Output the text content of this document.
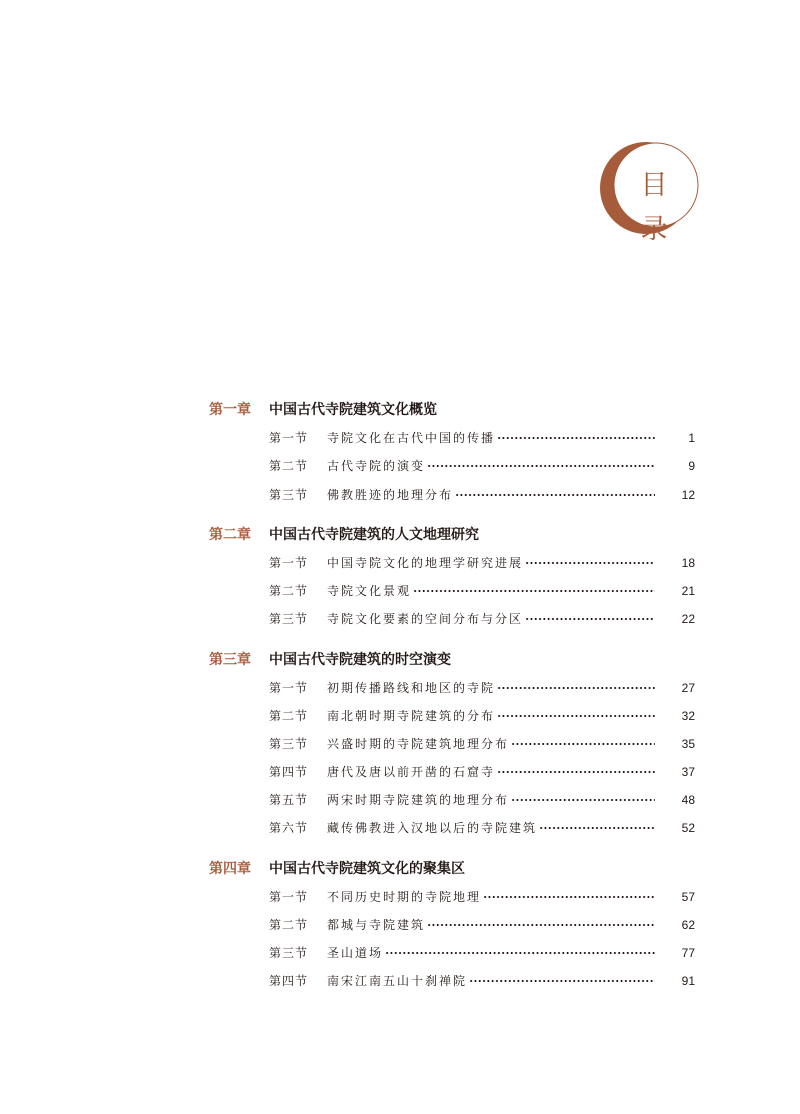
目 录
第一章 中国古代寺院建筑文化概览
第一节	寺院文化在古代中国的传播	1
第二节	古代寺院的演变	9
第三节	佛教胜迹的地理分布	12
第二章 中国古代寺院建筑的人文地理研究
第一节	中国寺院文化的地理学研究进展	18
第二节	寺院文化景观	21
第三节	寺院文化要素的空间分布与分区	22
第三章 中国古代寺院建筑的时空演变
第一节	初期传播路线和地区的寺院	27
第二节	南北朝时期寺院建筑的分布	32
第三节	兴盛时期的寺院建筑地理分布	35
第四节	唐代及唐以前开凿的石窟寺	37
第五节	两宋时期寺院建筑的地理分布	48
第六节	藏传佛教进入汉地以后的寺院建筑	52
第四章 中国古代寺院建筑文化的聚集区
第一节	不同历史时期的寺院地理	57
第二节	都城与寺院建筑	62
第三节	圣山道场	77
第四节	南宋江南五山十刹禅院	91
